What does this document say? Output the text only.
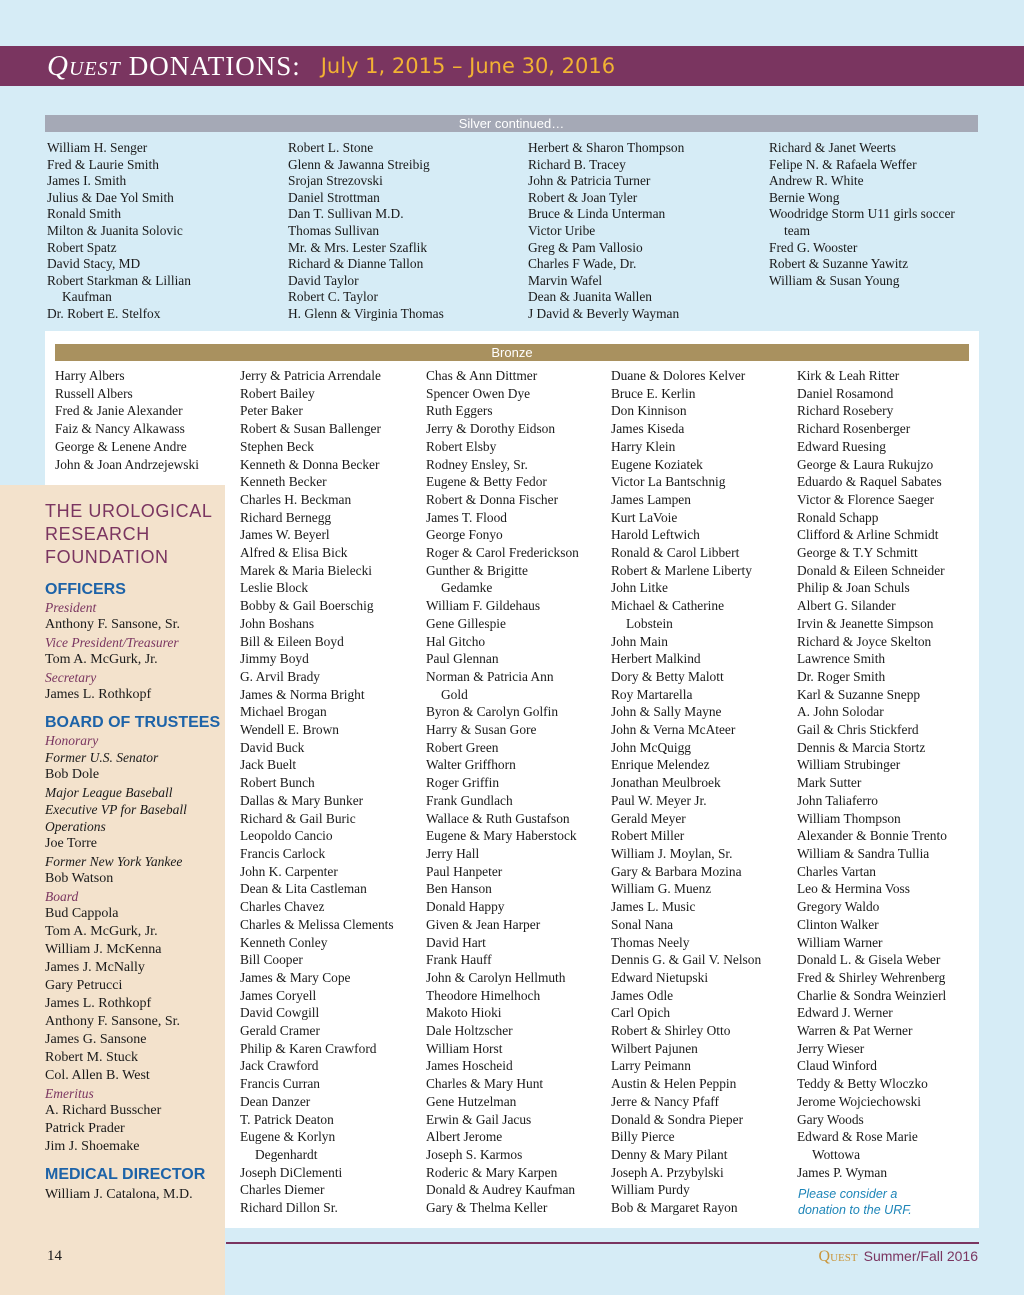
Quest DONATIONS: July 1, 2015 – June 30, 2016
Silver continued…
William H. Senger
Fred & Laurie Smith
James I. Smith
Julius & Dae Yol Smith
Ronald Smith
Milton & Juanita Solovic
Robert Spatz
David Stacy, MD
Robert Starkman & Lillian
Kaufman
Dr. Robert E. Stelfox
Robert L. Stone
Glenn & Jawanna Streibig
Srojan Strezovski
Daniel Strottman
Dan T. Sullivan M.D.
Thomas Sullivan
Mr. & Mrs. Lester Szaflik
Richard & Dianne Tallon
David Taylor
Robert C. Taylor
H. Glenn & Virginia Thomas
Herbert & Sharon Thompson
Richard B. Tracey
John & Patricia Turner
Robert & Joan Tyler
Bruce & Linda Unterman
Victor Uribe
Greg & Pam Vallosio
Charles F Wade, Dr.
Marvin Wafel
Dean & Juanita Wallen
J David & Beverly Wayman
Richard & Janet Weerts
Felipe N. & Rafaela Weffer
Andrew R. White
Bernie Wong
Woodridge Storm U11 girls soccer
team
Fred G. Wooster
Robert & Suzanne Yawitz
William & Susan Young
Bronze
Harry Albers
Russell Albers
Fred & Janie Alexander
Faiz & Nancy Alkawass
George & Lenene Andre
John & Joan Andrzejewski
Jerry & Patricia Arrendale
Robert Bailey
Peter Baker
Robert & Susan Ballenger
Stephen Beck
Kenneth & Donna Becker
Kenneth Becker
Charles H. Beckman
Richard Bernegg
James W. Beyerl
Alfred & Elisa Bick
Marek & Maria Bielecki
Leslie Block
Bobby & Gail Boerschig
John Boshans
Bill & Eileen Boyd
Jimmy Boyd
G. Arvil Brady
James & Norma Bright
Michael Brogan
Wendell E. Brown
David Buck
Jack Buelt
Robert Bunch
Dallas & Mary Bunker
Richard & Gail Buric
Leopoldo Cancio
Francis Carlock
John K. Carpenter
Dean & Lita Castleman
Charles Chavez
Charles & Melissa Clements
Kenneth Conley
Bill Cooper
James & Mary Cope
James Coryell
David Cowgill
Gerald Cramer
Philip & Karen Crawford
Jack Crawford
Francis Curran
Dean Danzer
T. Patrick Deaton
Eugene & Korlyn
Degenhardt
Joseph DiClementi
Charles Diemer
Richard Dillon Sr.
Chas & Ann Dittmer
Spencer Owen Dye
Ruth Eggers
Jerry & Dorothy Eidson
Robert Elsby
Rodney Ensley, Sr.
Eugene & Betty Fedor
Robert & Donna Fischer
James T. Flood
George Fonyo
Roger & Carol Frederickson
Gunther & Brigitte
Gedamke
William F. Gildehaus
Gene Gillespie
Hal Gitcho
Paul Glennan
Norman & Patricia Ann
Gold
Byron & Carolyn Golfin
Harry & Susan Gore
Robert Green
Walter Griffhorn
Roger Griffin
Frank Gundlach
Wallace & Ruth Gustafson
Eugene & Mary Haberstock
Jerry Hall
Paul Hanpeter
Ben Hanson
Donald Happy
Given & Jean Harper
David Hart
Frank Hauff
John & Carolyn Hellmuth
Theodore Himelhoch
Makoto Hioki
Dale Holtzscher
William Horst
James Hoscheid
Charles & Mary Hunt
Gene Hutzelman
Erwin & Gail Jacus
Albert Jerome
Joseph S. Karmos
Roderic & Mary Karpen
Donald & Audrey Kaufman
Gary & Thelma Keller
Duane & Dolores Kelver
Bruce E. Kerlin
Don Kinnison
James Kiseda
Harry Klein
Eugene Koziatek
Victor La Bantschnig
James Lampen
Kurt LaVoie
Harold Leftwich
Ronald & Carol Libbert
Robert & Marlene Liberty
John Litke
Michael & Catherine
Lobstein
John Main
Herbert Malkind
Dory & Betty Malott
Roy Martarella
John & Sally Mayne
John & Verna McAteer
John McQuigg
Enrique Melendez
Jonathan Meulbroek
Paul W. Meyer Jr.
Gerald Meyer
Robert Miller
William J. Moylan, Sr.
Gary & Barbara Mozina
William G. Muenz
James L. Music
Sonal Nana
Thomas Neely
Dennis G. & Gail V. Nelson
Edward Nietupski
James Odle
Carl Opich
Robert & Shirley Otto
Wilbert Pajunen
Larry Peimann
Austin & Helen Peppin
Jerre & Nancy Pfaff
Donald & Sondra Pieper
Billy Pierce
Denny & Mary Pilant
Joseph A. Przybylski
William Purdy
Bob & Margaret Rayon
Kirk & Leah Ritter
Daniel Rosamond
Richard Rosebery
Richard Rosenberger
Edward Ruesing
George & Laura Rukujzo
Eduardo & Raquel Sabates
Victor & Florence Saeger
Ronald Schapp
Clifford & Arline Schmidt
George & T.Y Schmitt
Donald & Eileen Schneider
Philip & Joan Schuls
Albert G. Silander
Irvin & Jeanette Simpson
Richard & Joyce Skelton
Lawrence Smith
Dr. Roger Smith
Karl & Suzanne Snepp
A. John Solodar
Gail & Chris Stickferd
Dennis & Marcia Stortz
William Strubinger
Mark Sutter
John Taliaferro
William Thompson
Alexander & Bonnie Trento
William & Sandra Tullia
Charles Vartan
Leo & Hermina Voss
Gregory Waldo
Clinton Walker
William Warner
Donald L. & Gisela Weber
Fred & Shirley Wehrenberg
Charlie & Sondra Weinzierl
Edward J. Werner
Warren & Pat Werner
Jerry Wieser
Claud Winford
Teddy & Betty Wloczko
Jerome Wojciechowski
Gary Woods
Edward & Rose Marie
Wottowa
James P. Wyman
Please consider a
donation to the URF.
THE UROLOGICAL
RESEARCH
FOUNDATION
OFFICERS
President
Anthony F. Sansone, Sr.
Vice President/Treasurer
Tom A. McGurk, Jr.
Secretary
James L. Rothkopf
BOARD OF TRUSTEES
Honorary
Former U.S. Senator
Bob Dole
Major League Baseball Executive VP for Baseball Operations
Joe Torre
Former New York Yankee
Bob Watson
Board
Bud Cappola
Tom A. McGurk, Jr.
William J. McKenna
James J. McNally
Gary Petrucci
James L. Rothkopf
Anthony F. Sansone, Sr.
James G. Sansone
Robert M. Stuck
Col. Allen B. West
Emeritus
A. Richard Busscher
Patrick Prader
Jim J. Shoemake
MEDICAL DIRECTOR
William J. Catalona, M.D.
14	Quest Summer/Fall 2016
